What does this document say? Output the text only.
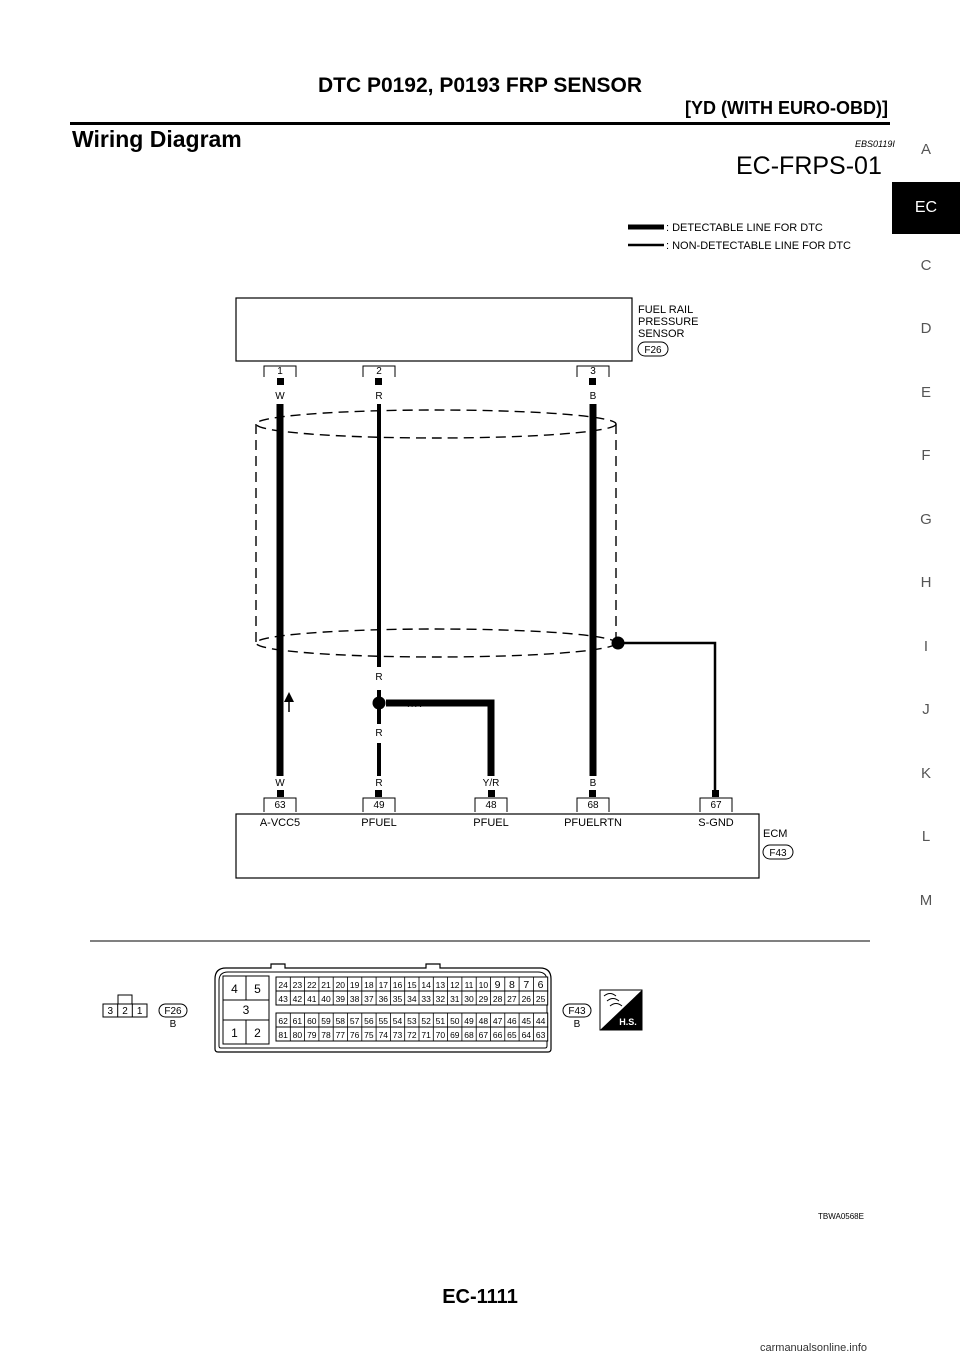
DTC P0192, P0193 FRP SENSOR
[YD (WITH EURO-OBD)]
Wiring Diagram	EBS0119I
EC-FRPS-01
A
EC
C
D
E
F
G
H
I
J
K
L
M
: DETECTABLE LINE FOR DTC
: NON-DETECTABLE LINE FOR DTC
FUEL RAIL
PRESSURE
SENSOR
F26
1	2	3
W	R	B
R
Y/R
R
W	R	Y/R	B
63	49	48	68	67
A-VCC5	PFUEL	PFUEL	PFUELRTN	S-GND
ECM
F43
3 2 1 F26
B
4 5
3
1 2
24 23 22 21 20 19 18 17 16 15 14 13 12 11 10 9 8 7 6
43 42 41 40 39 38 37 36 35 34 33 32 31 30 29 28 27 26 25
62 61 60 59 58 57 56 55 54 53 52 51 50 49 48 47 46 45 44
81 80 79 78 77 76 75 74 73 72 71 70 69 68 67 66 65 64 63
F43
B	H.S.
TBWA0568E
EC-1111
carmanualsonline.info
